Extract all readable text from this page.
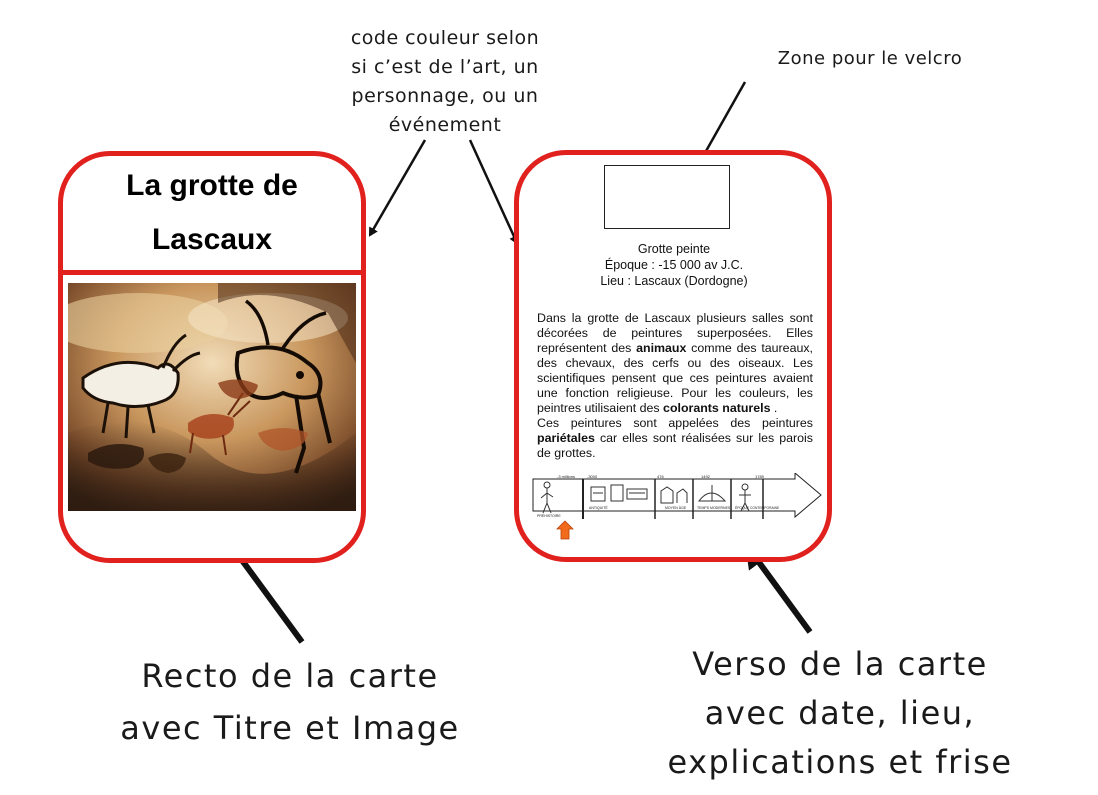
code couleur selon
si c’est de l’art, un
personnage, ou un
événement
Zone pour le velcro
La grotte de
Lascaux	Grotte peinte
Époque : -15 000 av J.C.
Lieu : Lascaux (Dordogne)
Dans la grotte de Lascaux plusieurs salles sont décorées de peintures superposées. Elles représentent des animaux comme des taureaux, des chevaux, des cerfs ou des oiseaux. Les scientifiques pensent que ces peintures avaient une fonction religieuse. Pour les couleurs, les peintres utilisaient des colorants naturels .
Ces peintures sont appelées des peintures pariétales car elles sont réalisées sur les parois de grottes.
-3 millions	-3000	476	1492	1789
PRÉHISTOIRE
ANTIQUITÉ	MOYEN ÂGE	TEMPS MODERNES ÉPOQUE CONTEMPORAINE
Recto de la carte
avec Titre et Image
Verso de la carte
avec date, lieu,
explications et frise
